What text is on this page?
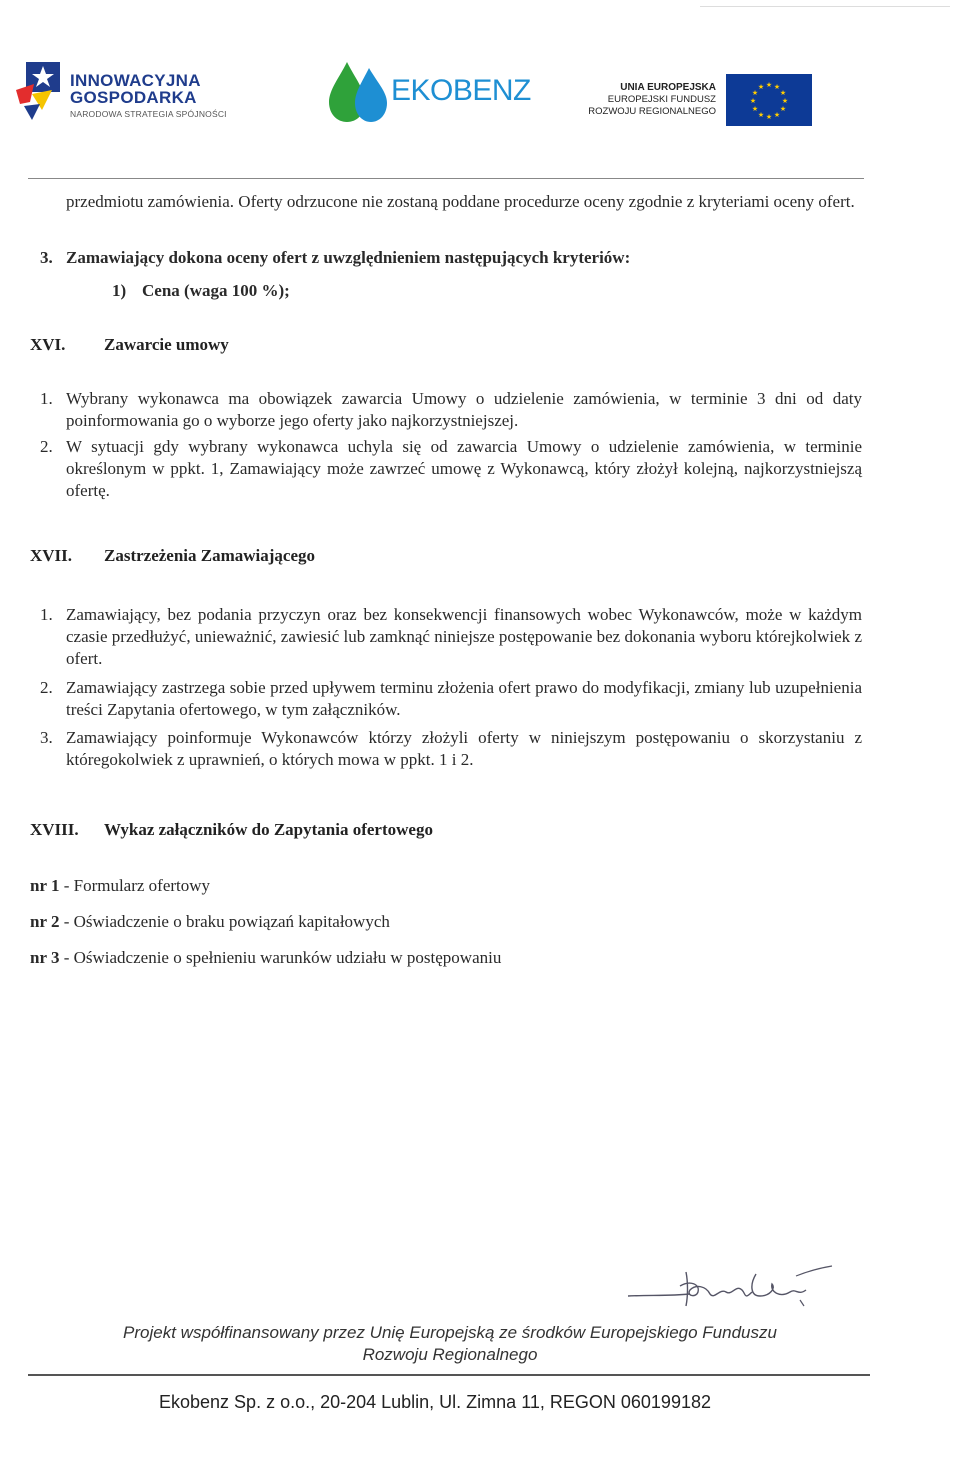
INNOWACYJNA
GOSPODARKA
NARODOWA STRATEGIA SPÓJNOŚCI
EKOBENZ	UNIA EUROPEJSKA
EUROPEJSKI FUNDUSZ
ROZWOJU REGIONALNEGO
★ ★
★
★
★
★
★
★
★
★
★
★
przedmiotu zamówienia. Oferty odrzucone nie zostaną poddane procedurze oceny zgodnie z kryteriami oceny ofert.
3. Zamawiający dokona oceny ofert z uwzględnieniem następujących kryteriów:
1) Cena (waga 100 %);
XVI. Zawarcie umowy
1. Wybrany wykonawca ma obowiązek zawarcia Umowy o udzielenie zamówienia, w terminie 3 dni od daty poinformowania go o wyborze jego oferty jako najkorzystniejszej.
2. W sytuacji gdy wybrany wykonawca uchyla się od zawarcia Umowy o udzielenie zamówienia, w terminie określonym w ppkt. 1, Zamawiający może zawrzeć umowę z Wykonawcą, który złożył kolejną, najkorzystniejszą ofertę.
XVII. Zastrzeżenia Zamawiającego
1. Zamawiający, bez podania przyczyn oraz bez konsekwencji finansowych wobec Wykonawców, może w każdym czasie przedłużyć, unieważnić, zawiesić lub zamknąć niniejsze postępowanie bez dokonania wyboru którejkolwiek z ofert.
2. Zamawiający zastrzega sobie przed upływem terminu złożenia ofert prawo do modyfikacji, zmiany lub uzupełnienia treści Zapytania ofertowego, w tym załączników.
3. Zamawiający poinformuje Wykonawców którzy złożyli oferty w niniejszym postępowaniu o skorzystaniu z któregokolwiek z uprawnień, o których mowa w ppkt. 1 i 2.
XVIII. Wykaz załączników do Zapytania ofertowego
nr 1 - Formularz ofertowy
nr 2 - Oświadczenie o braku powiązań kapitałowych
nr 3 - Oświadczenie o spełnieniu warunków udziału w postępowaniu
Projekt współfinansowany przez Unię Europejską ze środków Europejskiego Funduszu
Rozwoju Regionalnego
Ekobenz Sp. z o.o., 20-204 Lublin, Ul. Zimna 11, REGON 060199182
